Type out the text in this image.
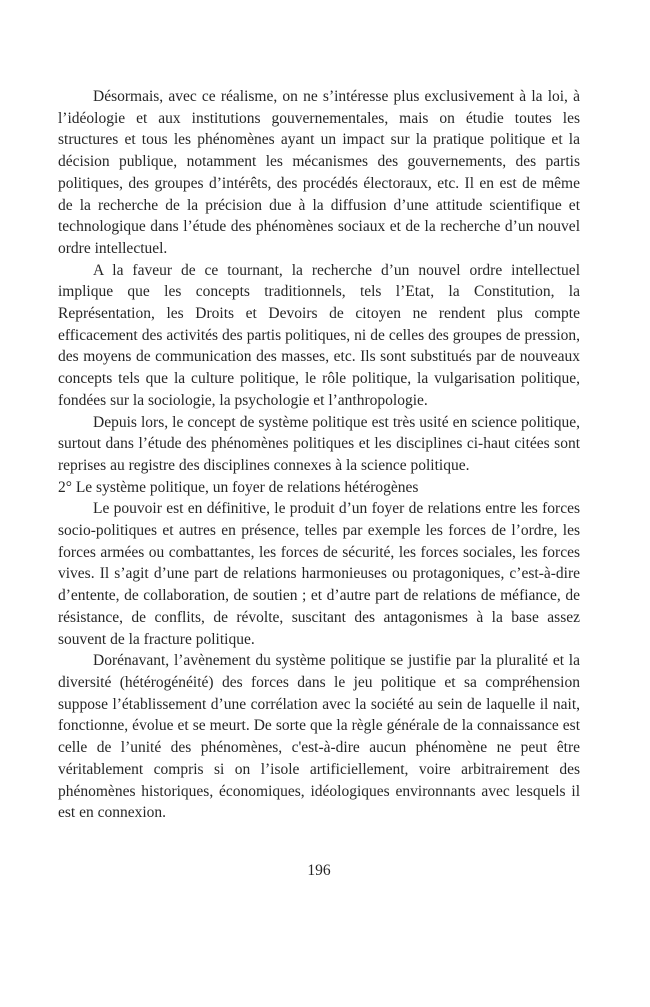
Désormais, avec ce réalisme, on ne s’intéresse plus exclusivement à la loi, à l’idéologie et aux institutions gouvernementales, mais on étudie toutes les structures et tous les phénomènes ayant un impact sur la pratique politique et la décision publique, notamment les mécanismes des gouvernements, des partis politiques, des groupes d’intérêts, des procédés électoraux, etc. Il en est de même de la recherche de la précision due à la diffusion d’une attitude scientifique et technologique dans l’étude des phénomènes sociaux et de la recherche d’un nouvel ordre intellectuel.

A la faveur de ce tournant, la recherche d’un nouvel ordre intellectuel implique que les concepts traditionnels, tels l’Etat, la Constitution, la Représentation, les Droits et Devoirs de citoyen ne rendent plus compte efficacement des activités des partis politiques, ni de celles des groupes de pression, des moyens de communication des masses, etc. Ils sont substitués par de nouveaux concepts tels que la culture politique, le rôle politique, la vulgarisation politique, fondées sur la sociologie, la psychologie et l’anthropologie.

Depuis lors, le concept de système politique est très usité en science politique, surtout dans l’étude des phénomènes politiques et les disciplines ci-haut citées sont reprises au registre des disciplines connexes à la science politique.

2° Le système politique, un foyer de relations hétérogènes

Le pouvoir est en définitive, le produit d’un foyer de relations entre les forces socio-politiques et autres en présence, telles par exemple les forces de l’ordre, les forces armées ou combattantes, les forces de sécurité, les forces sociales, les forces vives. Il s’agit d’une part de relations harmonieuses ou protagoniques, c’est-à-dire d’entente, de collaboration, de soutien ; et d’autre part de relations de méfiance, de résistance, de conflits, de révolte, suscitant des antagonismes à la base assez souvent de la fracture politique.

Dorénavant, l’avènement du système politique se justifie par la pluralité et la diversité (hétérogénéité) des forces dans le jeu politique et sa compréhension suppose l’établissement d’une corrélation avec la société au sein de laquelle il nait, fonctionne, évolue et se meurt. De sorte que la règle générale de la connaissance est celle de l’unité des phénomènes, c'est-à-dire aucun phénomène ne peut être véritablement compris si on l’isole artificiellement, voire arbitrairement des phénomènes historiques, économiques, idéologiques environnants avec lesquels il est en connexion.

196
